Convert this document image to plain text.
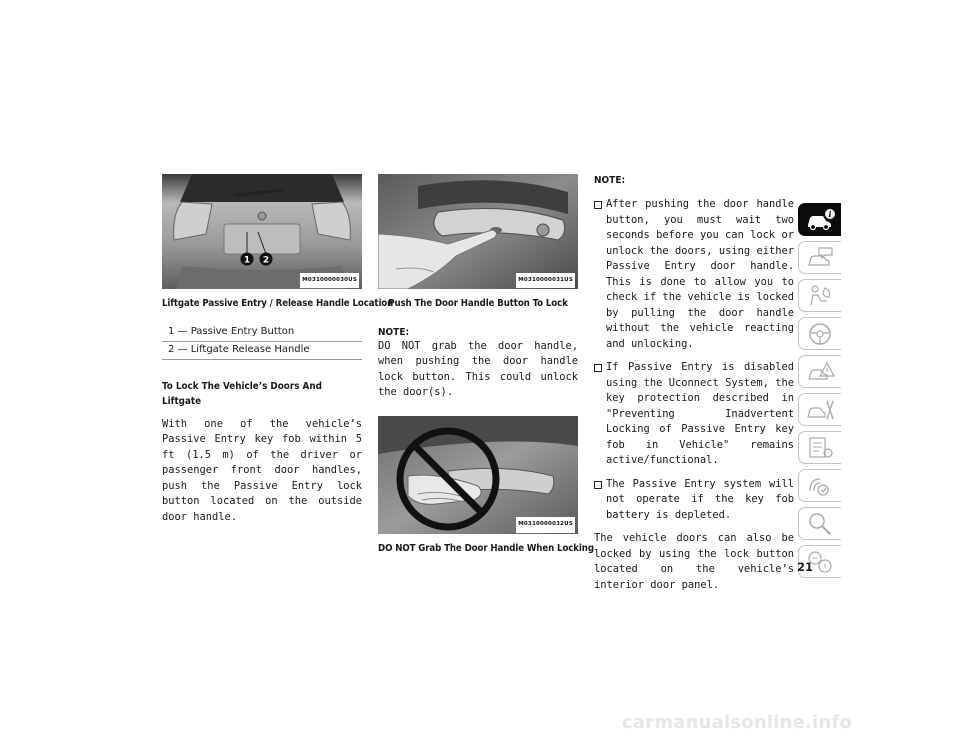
1 2
M0310000030US
Liftgate Passive Entry / Release Handle Location
1 — Passive Entry Button
2 — Liftgate Release Handle
To Lock The Vehicle’s Doors And Liftgate

With one of the vehicle’s Passive Entry key fob within 5 ft (1.5 m) of the driver or passenger front door handles, push the Passive Entry lock button located on the outside door handle.

M0310000031US
Push The Door Handle Button To Lock
NOTE:

DO NOT grab the door handle, when pushing the door handle lock button. This could unlock the door(s).

M0310000032US
DO NOT Grab The Door Handle When Locking
NOTE:
After pushing the door handle button, you must wait two seconds before you can lock or unlock the doors, using either Passive Entry door handle. This is done to allow you to check if the vehicle is locked by pulling the door handle without the vehicle reacting and unlocking.
If Passive Entry is disabled using the Uconnect System, the key protection described in "Preventing Inadvertent Locking of Passive Entry key fob in Vehicle" remains active/functional.
The Passive Entry system will not operate if the key fob battery is depleted.

The vehicle doors can also be locked by using the lock button located on the vehicle’s interior door panel.

i
21
carmanualsonline.info
